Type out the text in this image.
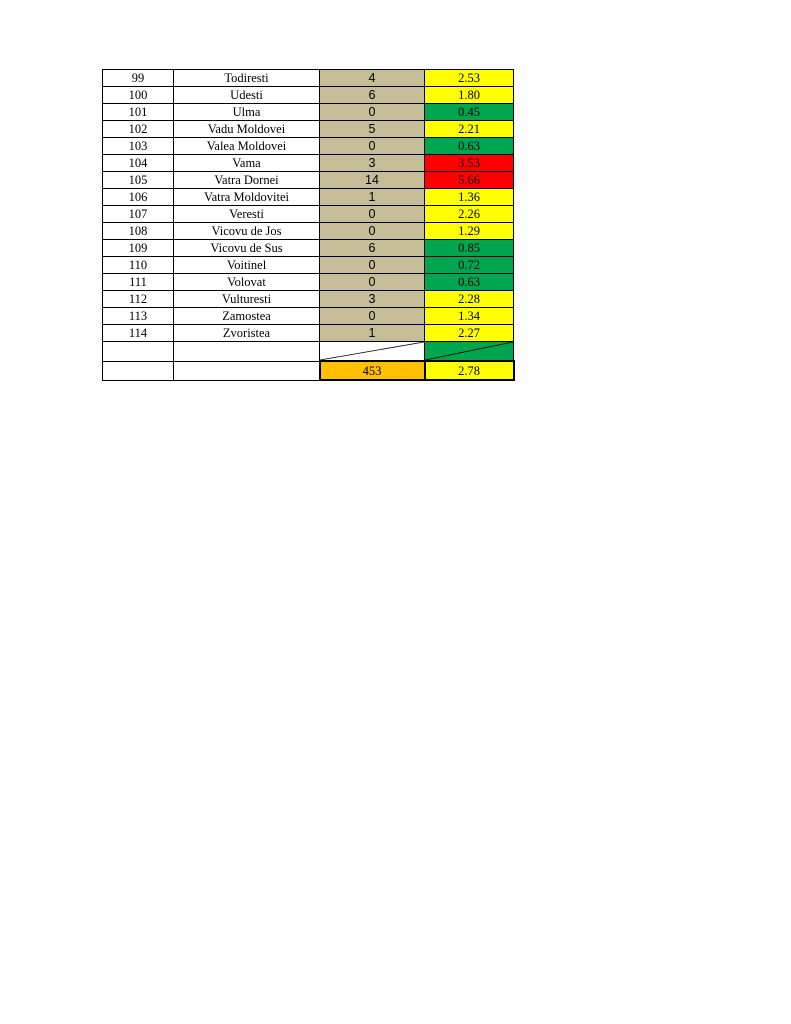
99	Todiresti	4	2.53
100	Udesti	6	1.80
101	Ulma	0	0.45
102	Vadu Moldovei	5	2.21
103	Valea Moldovei	0	0.63
104	Vama	3	3.53
105	Vatra Dornei	14	5.66
106	Vatra Moldovitei	1	1.36
107	Veresti	0	2.26
108	Vicovu de Jos	0	1.29
109	Vicovu de Sus	6	0.85
110	Voitinel	0	0.72
111	Volovat	0	0.63
112	Vulturesti	3	2.28
113	Zamostea	0	1.34
114	Zvoristea	1	2.27

		453	2.78
